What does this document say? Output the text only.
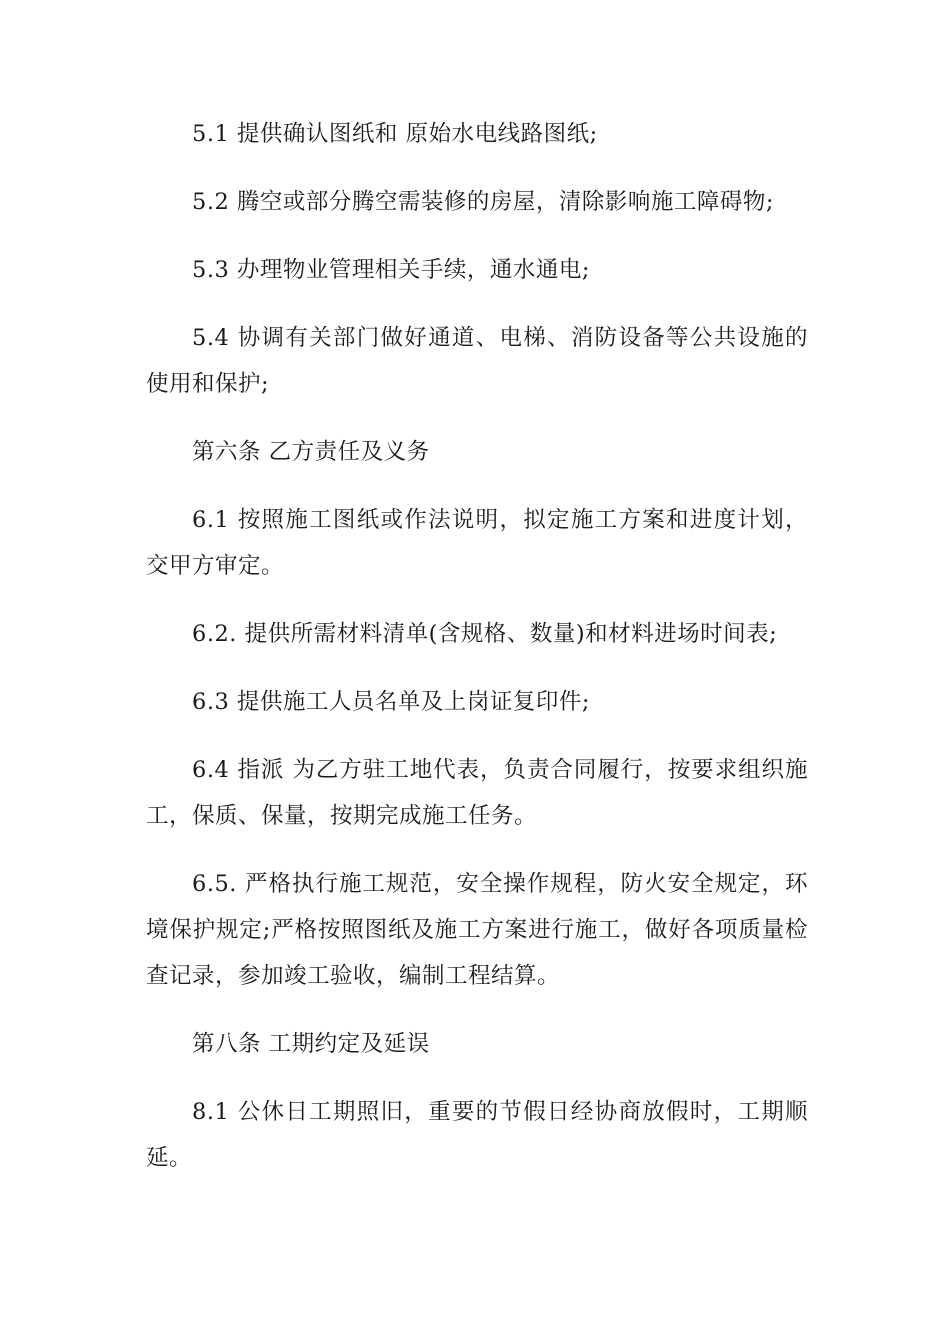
5.1 提供确认图纸和 原始水电线路图纸;

5.2 腾空或部分腾空需装修的房屋，清除影响施工障碍物;

5.3 办理物业管理相关手续，通水通电;

5.4 协调有关部门做好通道、电梯、消防设备等公共设施的使用和保护;

第六条 乙方责任及义务

6.1 按照施工图纸或作法说明，拟定施工方案和进度计划，交甲方审定。

6.2. 提供所需材料清单(含规格、数量)和材料进场时间表;

6.3 提供施工人员名单及上岗证复印件;

6.4 指派 为乙方驻工地代表，负责合同履行，按要求组织施工，保质、保量，按期完成施工任务。

6.5. 严格执行施工规范，安全操作规程，防火安全规定，环境保护规定;严格按照图纸及施工方案进行施工，做好各项质量检查记录，参加竣工验收，编制工程结算。

第八条 工期约定及延误

8.1 公休日工期照旧，重要的节假日经协商放假时，工期顺延。
